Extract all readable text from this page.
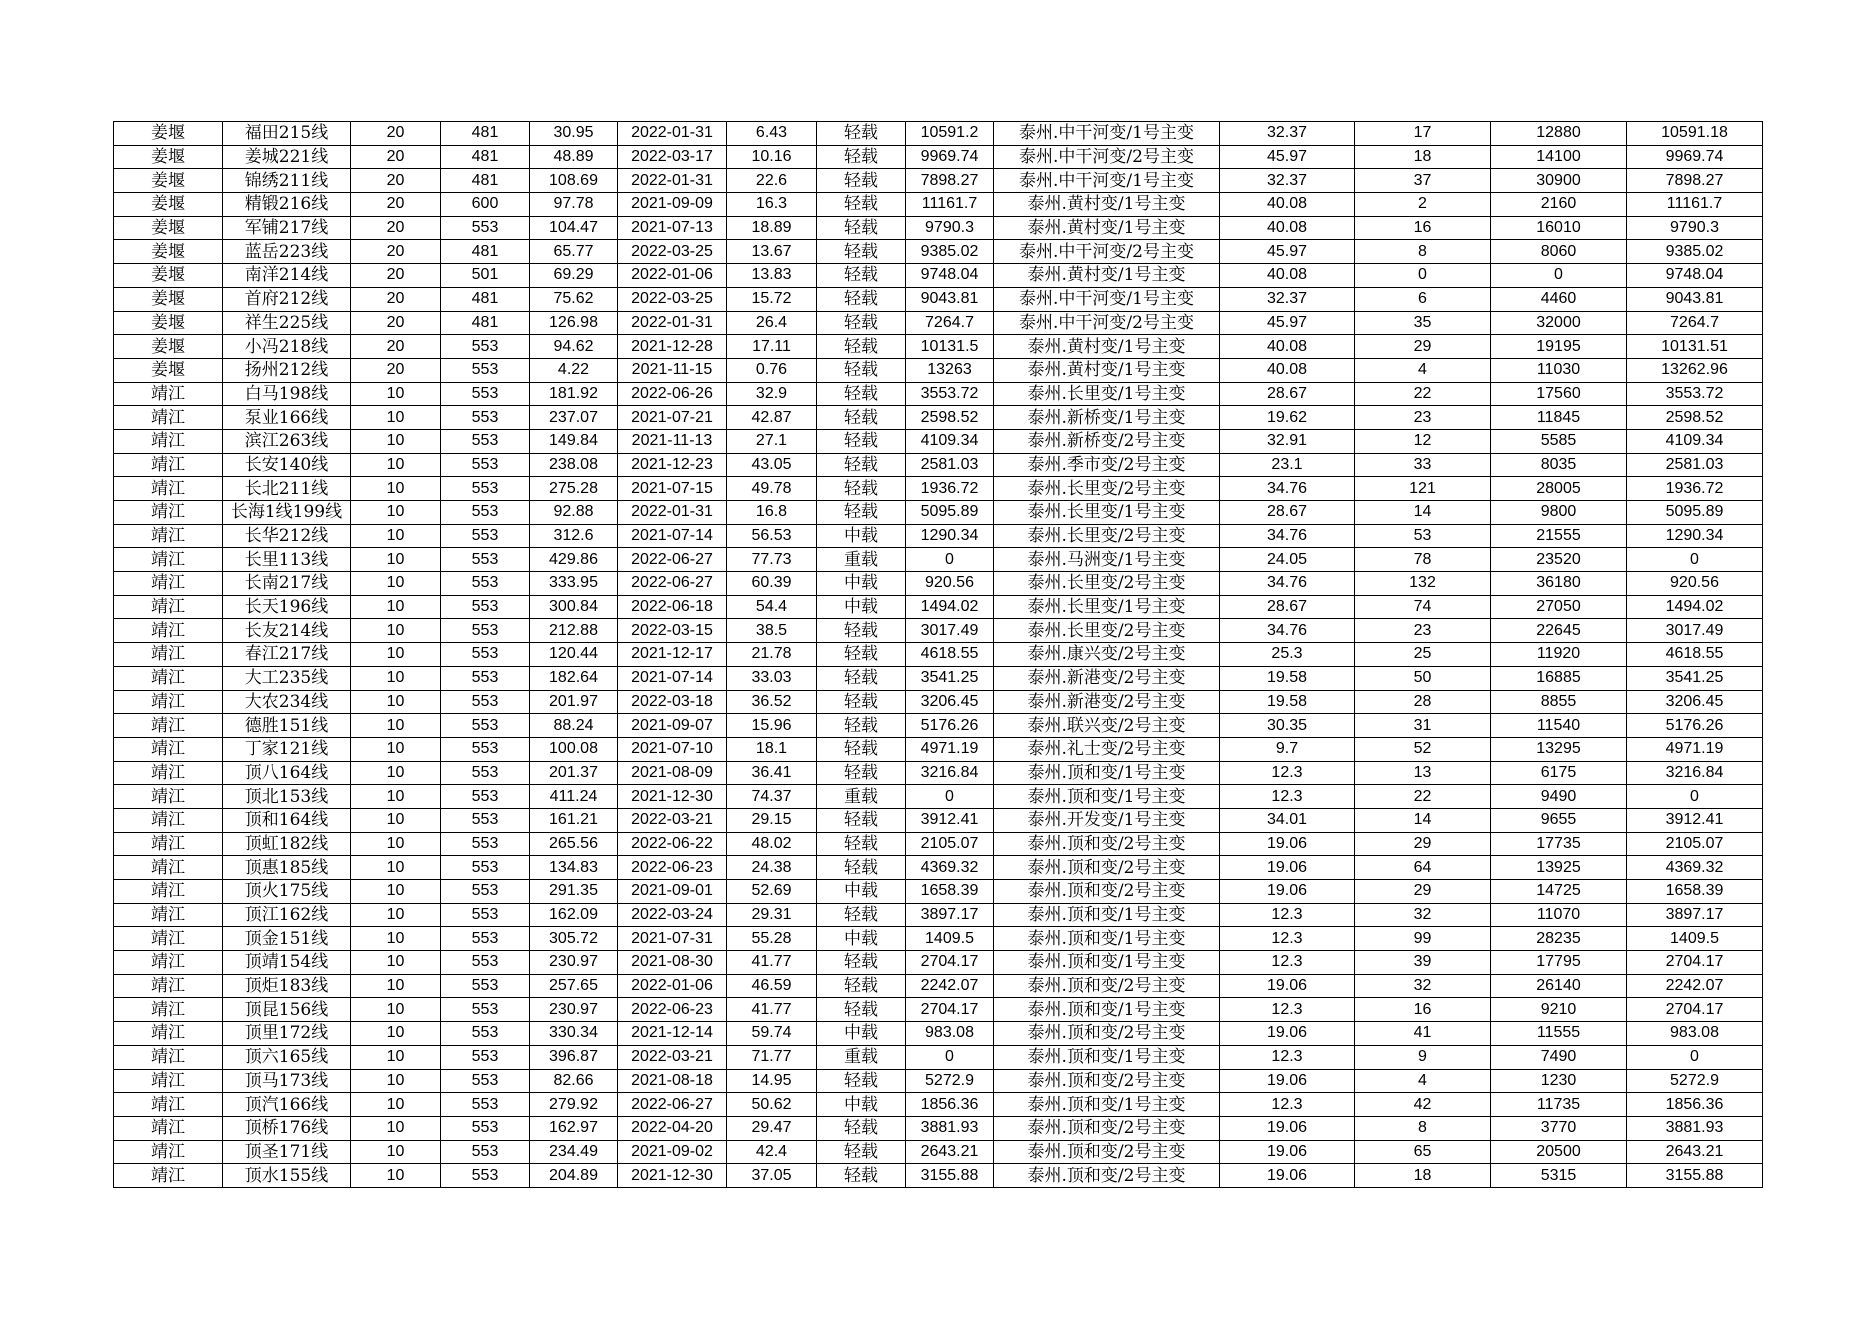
姜堰	福田215线	20	481	30.95	2022-01-31	6.43	轻载	10591.2	泰州.中干河变/1号主变	32.37	17	12880	10591.18
姜堰	姜城221线	20	481	48.89	2022-03-17	10.16	轻载	9969.74	泰州.中干河变/2号主变	45.97	18	14100	9969.74
姜堰	锦绣211线	20	481	108.69	2022-01-31	22.6	轻载	7898.27	泰州.中干河变/1号主变	32.37	37	30900	7898.27
姜堰	精锻216线	20	600	97.78	2021-09-09	16.3	轻载	11161.7	泰州.黄村变/1号主变	40.08	2	2160	11161.7
姜堰	军铺217线	20	553	104.47	2021-07-13	18.89	轻载	9790.3	泰州.黄村变/1号主变	40.08	16	16010	9790.3
姜堰	蓝岳223线	20	481	65.77	2022-03-25	13.67	轻载	9385.02	泰州.中干河变/2号主变	45.97	8	8060	9385.02
姜堰	南洋214线	20	501	69.29	2022-01-06	13.83	轻载	9748.04	泰州.黄村变/1号主变	40.08	0	0	9748.04
姜堰	首府212线	20	481	75.62	2022-03-25	15.72	轻载	9043.81	泰州.中干河变/1号主变	32.37	6	4460	9043.81
姜堰	祥生225线	20	481	126.98	2022-01-31	26.4	轻载	7264.7	泰州.中干河变/2号主变	45.97	35	32000	7264.7
姜堰	小冯218线	20	553	94.62	2021-12-28	17.11	轻载	10131.5	泰州.黄村变/1号主变	40.08	29	19195	10131.51
姜堰	扬州212线	20	553	4.22	2021-11-15	0.76	轻载	13263	泰州.黄村变/1号主变	40.08	4	11030	13262.96
靖江	白马198线	10	553	181.92	2022-06-26	32.9	轻载	3553.72	泰州.长里变/1号主变	28.67	22	17560	3553.72
靖江	泵业166线	10	553	237.07	2021-07-21	42.87	轻载	2598.52	泰州.新桥变/1号主变	19.62	23	11845	2598.52
靖江	滨江263线	10	553	149.84	2021-11-13	27.1	轻载	4109.34	泰州.新桥变/2号主变	32.91	12	5585	4109.34
靖江	长安140线	10	553	238.08	2021-12-23	43.05	轻载	2581.03	泰州.季市变/2号主变	23.1	33	8035	2581.03
靖江	长北211线	10	553	275.28	2021-07-15	49.78	轻载	1936.72	泰州.长里变/2号主变	34.76	121	28005	1936.72
靖江	长海1线199线	10	553	92.88	2022-01-31	16.8	轻载	5095.89	泰州.长里变/1号主变	28.67	14	9800	5095.89
靖江	长华212线	10	553	312.6	2021-07-14	56.53	中载	1290.34	泰州.长里变/2号主变	34.76	53	21555	1290.34
靖江	长里113线	10	553	429.86	2022-06-27	77.73	重载	0	泰州.马洲变/1号主变	24.05	78	23520	0
靖江	长南217线	10	553	333.95	2022-06-27	60.39	中载	920.56	泰州.长里变/2号主变	34.76	132	36180	920.56
靖江	长天196线	10	553	300.84	2022-06-18	54.4	中载	1494.02	泰州.长里变/1号主变	28.67	74	27050	1494.02
靖江	长友214线	10	553	212.88	2022-03-15	38.5	轻载	3017.49	泰州.长里变/2号主变	34.76	23	22645	3017.49
靖江	春江217线	10	553	120.44	2021-12-17	21.78	轻载	4618.55	泰州.康兴变/2号主变	25.3	25	11920	4618.55
靖江	大工235线	10	553	182.64	2021-07-14	33.03	轻载	3541.25	泰州.新港变/2号主变	19.58	50	16885	3541.25
靖江	大农234线	10	553	201.97	2022-03-18	36.52	轻载	3206.45	泰州.新港变/2号主变	19.58	28	8855	3206.45
靖江	德胜151线	10	553	88.24	2021-09-07	15.96	轻载	5176.26	泰州.联兴变/2号主变	30.35	31	11540	5176.26
靖江	丁家121线	10	553	100.08	2021-07-10	18.1	轻载	4971.19	泰州.礼士变/2号主变	9.7	52	13295	4971.19
靖江	顶八164线	10	553	201.37	2021-08-09	36.41	轻载	3216.84	泰州.顶和变/1号主变	12.3	13	6175	3216.84
靖江	顶北153线	10	553	411.24	2021-12-30	74.37	重载	0	泰州.顶和变/1号主变	12.3	22	9490	0
靖江	顶和164线	10	553	161.21	2022-03-21	29.15	轻载	3912.41	泰州.开发变/1号主变	34.01	14	9655	3912.41
靖江	顶虹182线	10	553	265.56	2022-06-22	48.02	轻载	2105.07	泰州.顶和变/2号主变	19.06	29	17735	2105.07
靖江	顶惠185线	10	553	134.83	2022-06-23	24.38	轻载	4369.32	泰州.顶和变/2号主变	19.06	64	13925	4369.32
靖江	顶火175线	10	553	291.35	2021-09-01	52.69	中载	1658.39	泰州.顶和变/2号主变	19.06	29	14725	1658.39
靖江	顶江162线	10	553	162.09	2022-03-24	29.31	轻载	3897.17	泰州.顶和变/1号主变	12.3	32	11070	3897.17
靖江	顶金151线	10	553	305.72	2021-07-31	55.28	中载	1409.5	泰州.顶和变/1号主变	12.3	99	28235	1409.5
靖江	顶靖154线	10	553	230.97	2021-08-30	41.77	轻载	2704.17	泰州.顶和变/1号主变	12.3	39	17795	2704.17
靖江	顶炬183线	10	553	257.65	2022-01-06	46.59	轻载	2242.07	泰州.顶和变/2号主变	19.06	32	26140	2242.07
靖江	顶昆156线	10	553	230.97	2022-06-23	41.77	轻载	2704.17	泰州.顶和变/1号主变	12.3	16	9210	2704.17
靖江	顶里172线	10	553	330.34	2021-12-14	59.74	中载	983.08	泰州.顶和变/2号主变	19.06	41	11555	983.08
靖江	顶六165线	10	553	396.87	2022-03-21	71.77	重载	0	泰州.顶和变/1号主变	12.3	9	7490	0
靖江	顶马173线	10	553	82.66	2021-08-18	14.95	轻载	5272.9	泰州.顶和变/2号主变	19.06	4	1230	5272.9
靖江	顶汽166线	10	553	279.92	2022-06-27	50.62	中载	1856.36	泰州.顶和变/1号主变	12.3	42	11735	1856.36
靖江	顶桥176线	10	553	162.97	2022-04-20	29.47	轻载	3881.93	泰州.顶和变/2号主变	19.06	8	3770	3881.93
靖江	顶圣171线	10	553	234.49	2021-09-02	42.4	轻载	2643.21	泰州.顶和变/2号主变	19.06	65	20500	2643.21
靖江	顶水155线	10	553	204.89	2021-12-30	37.05	轻载	3155.88	泰州.顶和变/2号主变	19.06	18	5315	3155.88
